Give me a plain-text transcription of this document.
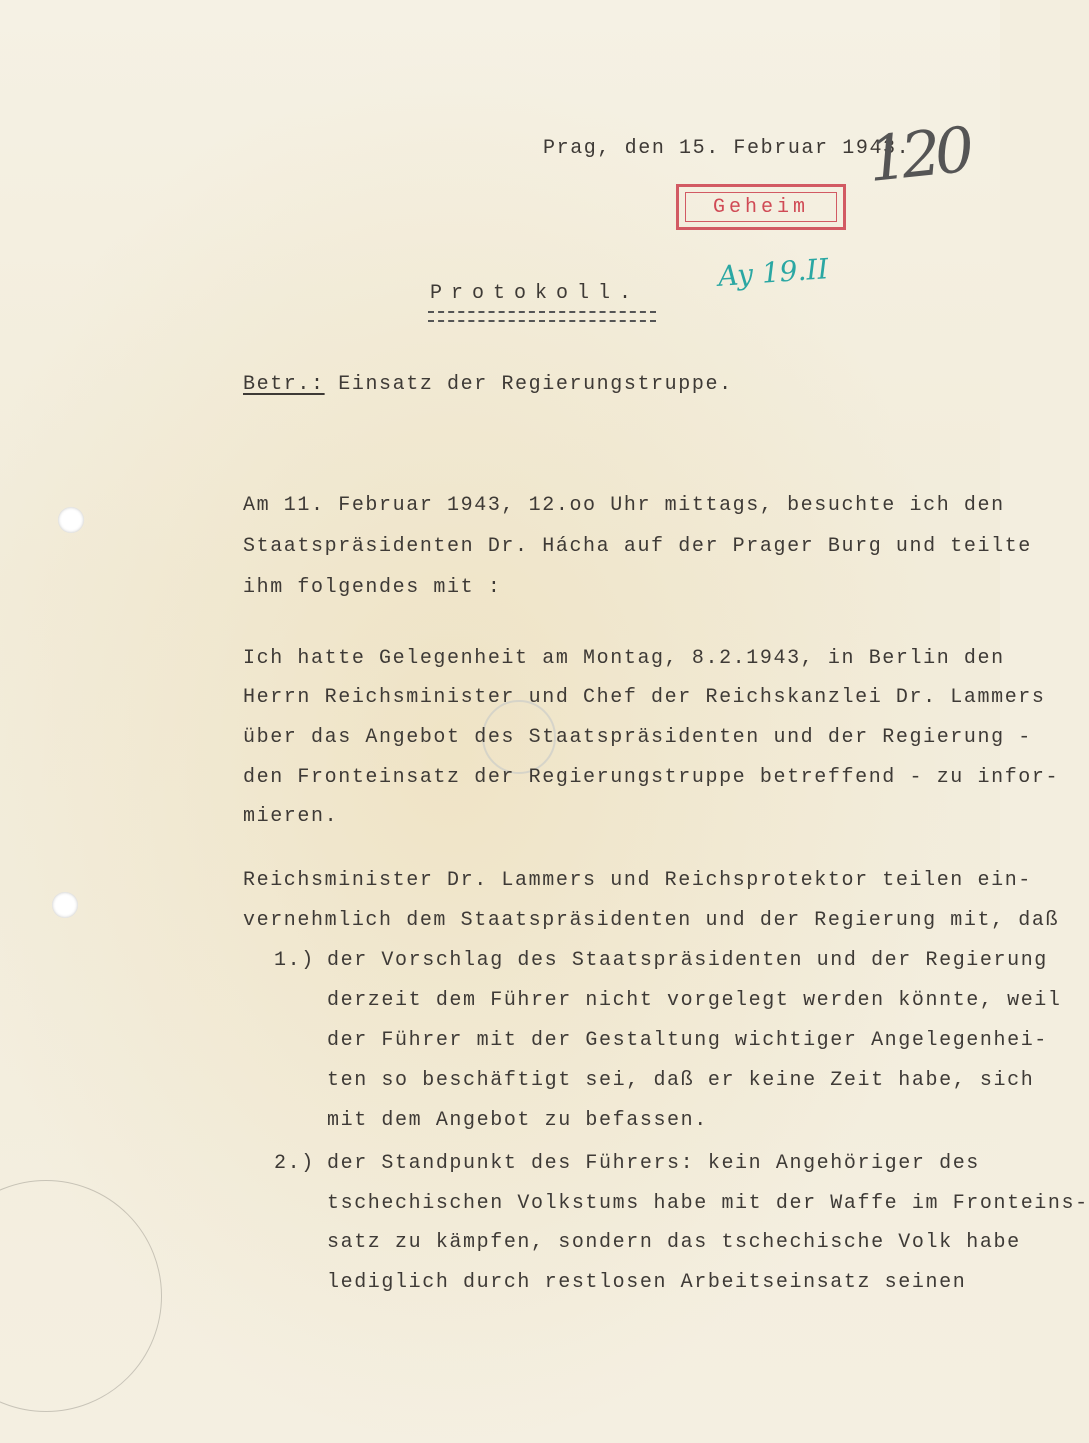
Prag, den 15. Februar 1943.
120
Geheim
Protokoll.
Ay 19.II
Betr.: Einsatz der Regierungstruppe.
Am 11. Februar 1943, 12.oo Uhr mittags, besuchte ich den
Staatspräsidenten Dr. Hácha auf der Prager Burg und teilte
ihm folgendes mit :
Ich hatte Gelegenheit am Montag, 8.2.1943, in Berlin den
Herrn Reichsminister und Chef der Reichskanzlei Dr. Lammers
über das Angebot des Staatspräsidenten und der Regierung -
den Fronteinsatz der Regierungstruppe betreffend - zu infor-
mieren.
Reichsminister Dr. Lammers und Reichsprotektor teilen ein-
vernehmlich dem Staatspräsidenten und der Regierung mit, daß
1.) der Vorschlag des Staatspräsidenten und der Regierung
derzeit dem Führer nicht vorgelegt werden könnte, weil
der Führer mit der Gestaltung wichtiger Angelegenhei-
ten so beschäftigt sei, daß er keine Zeit habe, sich
mit dem Angebot zu befassen.
2.) der Standpunkt des Führers: kein Angehöriger des
tschechischen Volkstums habe mit der Waffe im Fronteins-
satz zu kämpfen, sondern das tschechische Volk habe
lediglich durch restlosen Arbeitseinsatz seinen
